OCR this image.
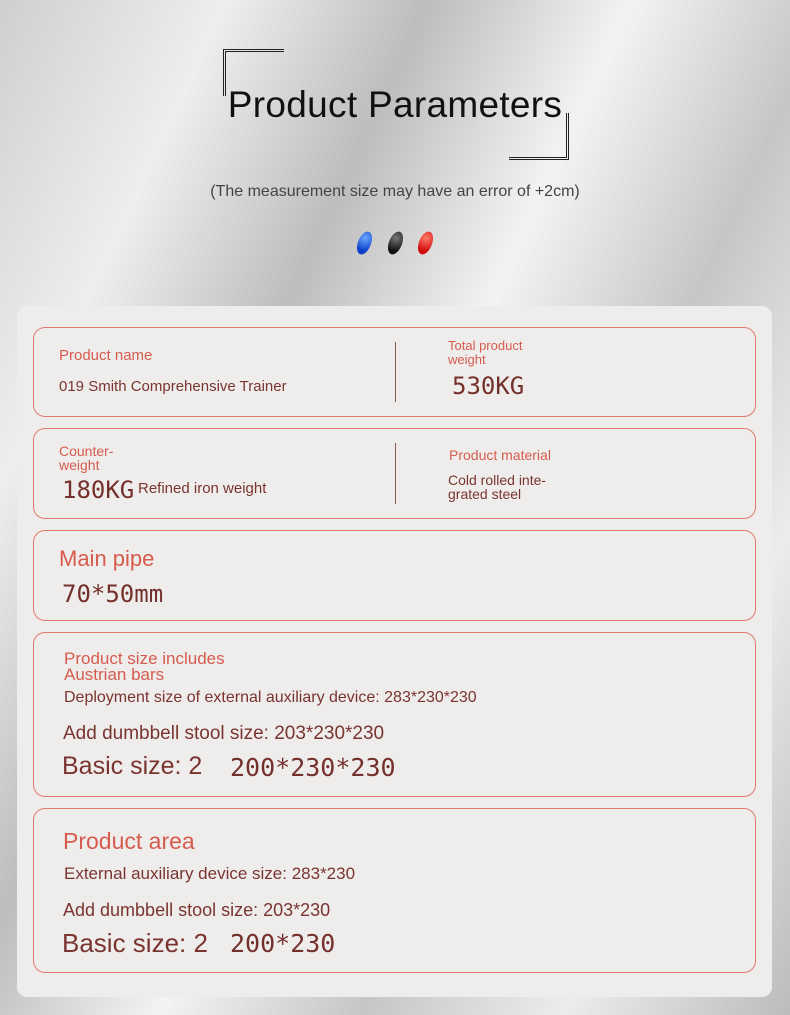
Product Parameters
(The measurement size may have an error of +2cm)
Product name
019 Smith Comprehensive Trainer
Total product
weight
530KG
Counter-
weight
180KG Refined iron weight
Product material
Cold rolled inte-
grated steel
Main pipe
70*50mm
Product size includes
Austrian bars
Deployment size of external auxiliary device: 283*230*230
Add dumbbell stool size: 203*230*230
Basic size: 2 200*230*230
Product area
External auxiliary device size: 283*230
Add dumbbell stool size: 203*230
Basic size: 2 200*230
